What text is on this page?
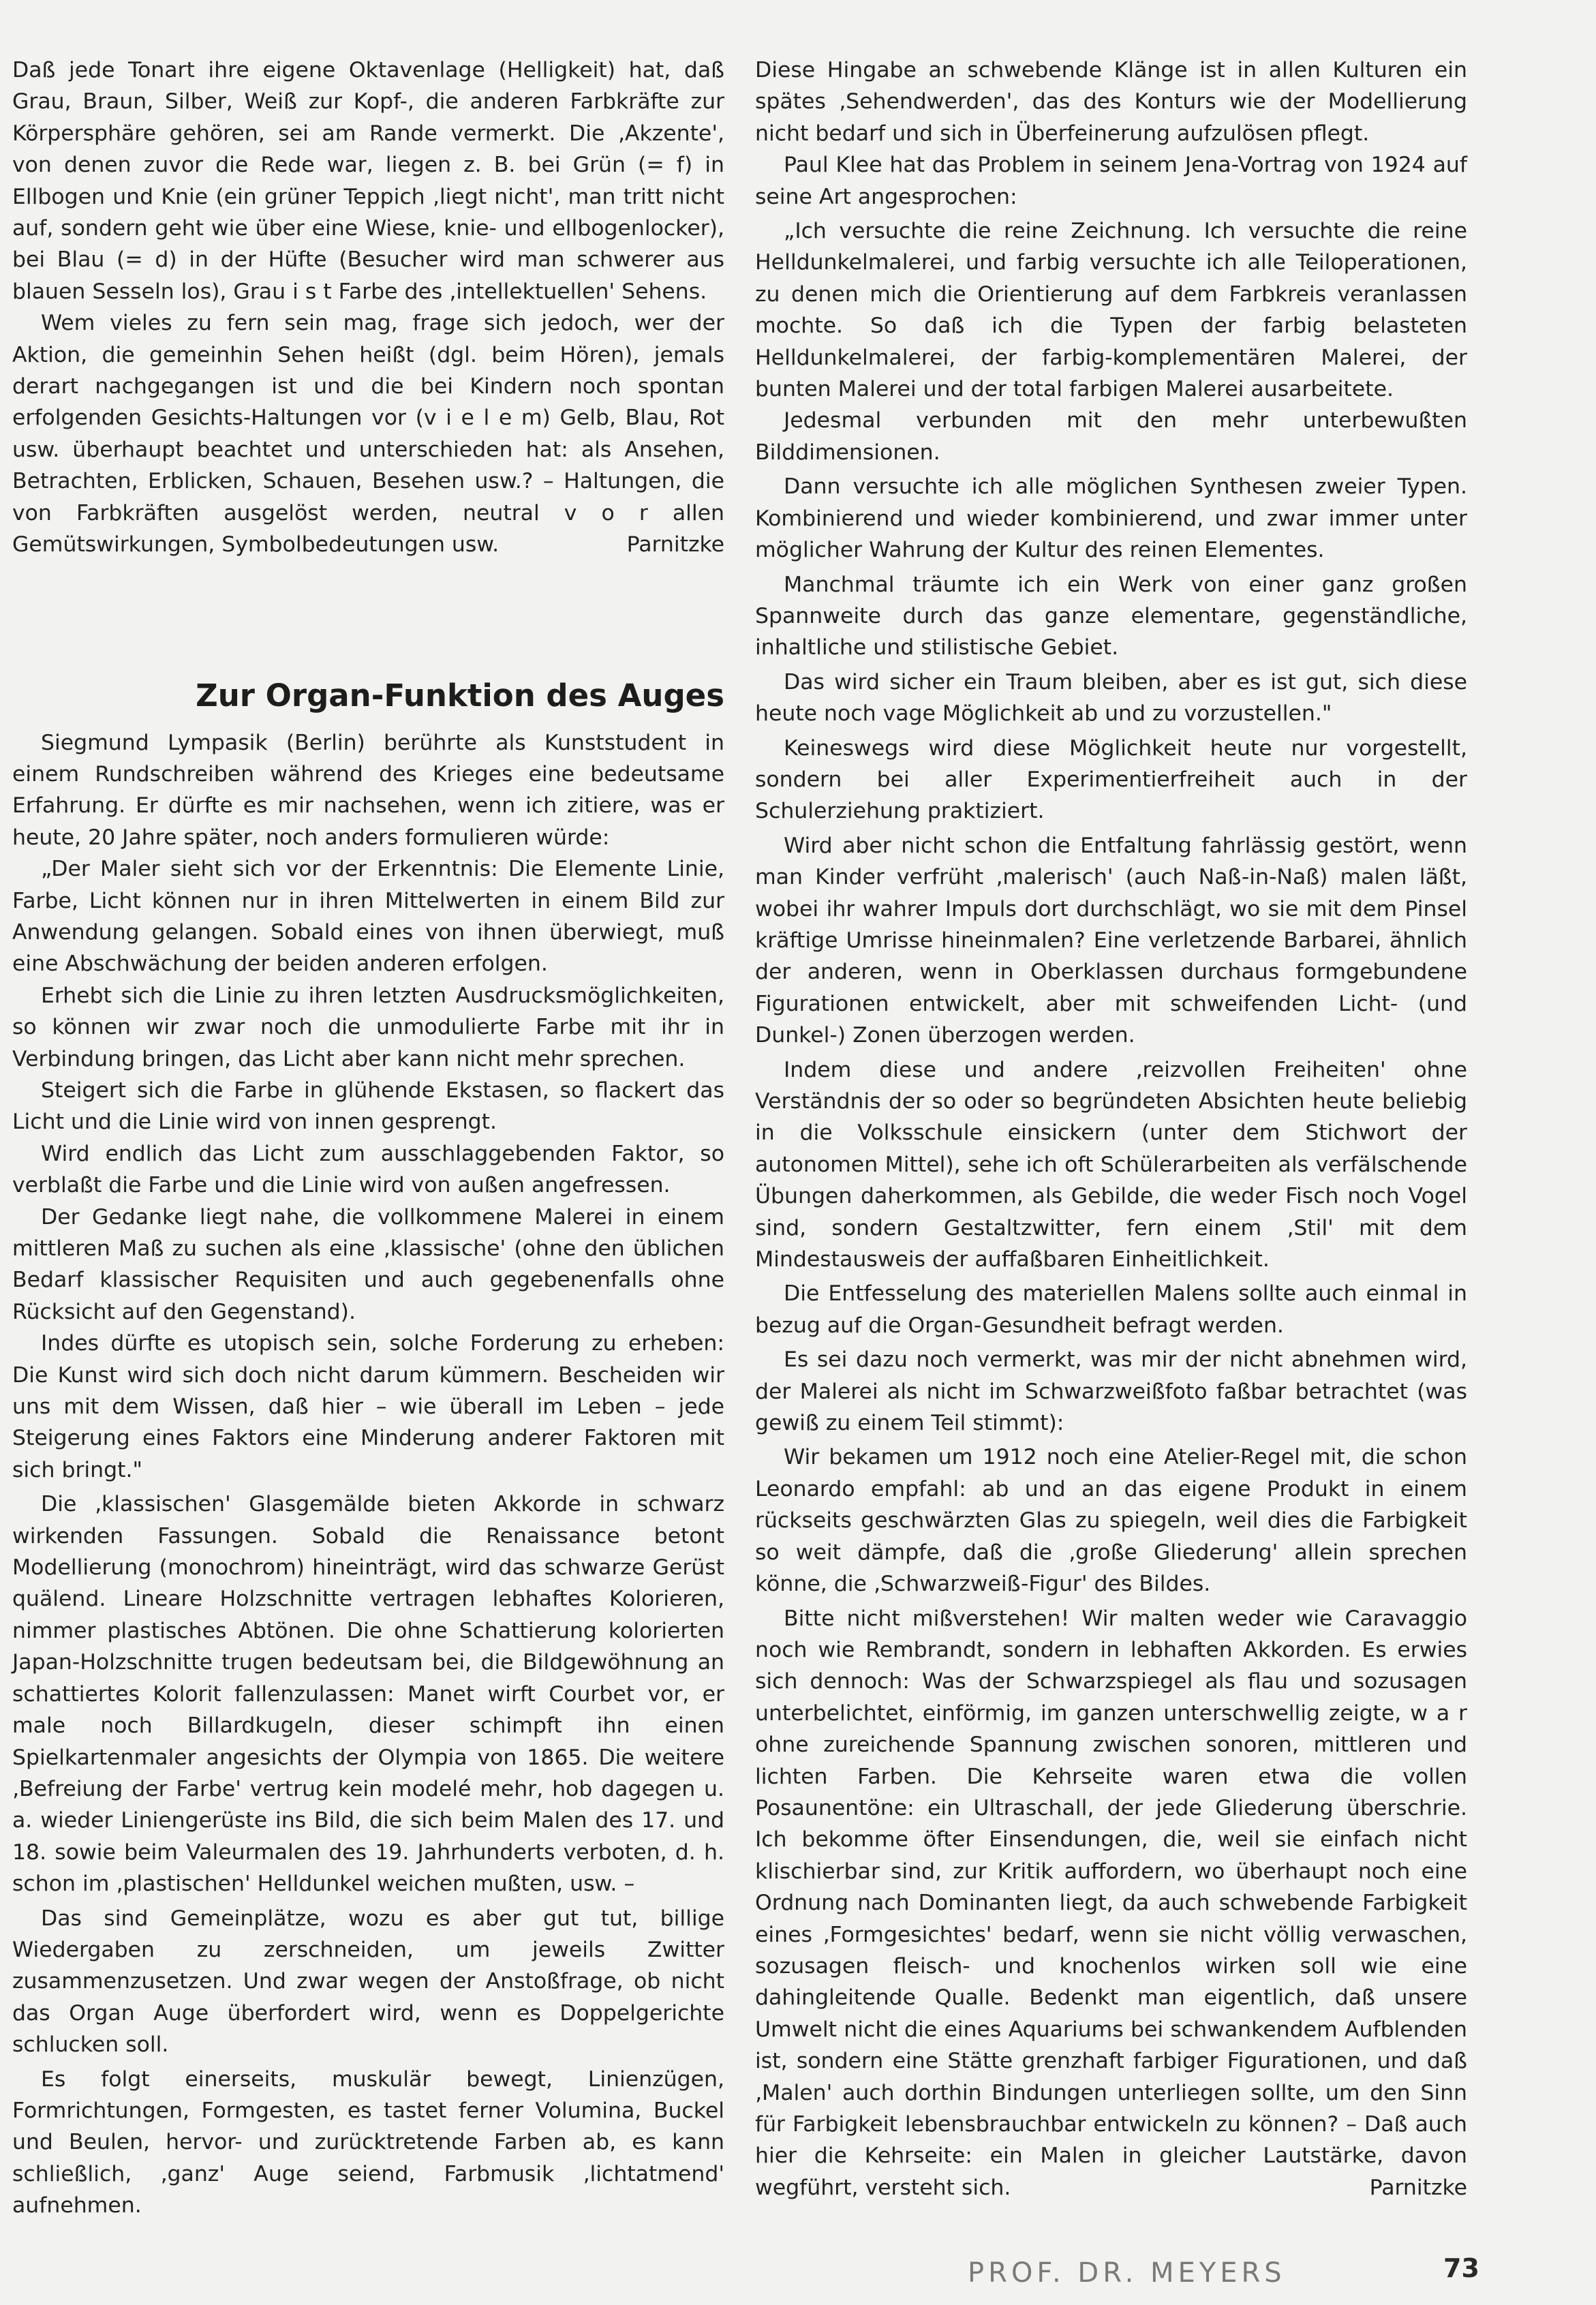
Daß jede Tonart ihre eigene Oktavenlage (Helligkeit) hat, daß Grau, Braun, Silber, Weiß zur Kopf-, die anderen Farbkräfte zur Körpersphäre gehören, sei am Rande vermerkt. Die ‚Akzente', von denen zuvor die Rede war, liegen z. B. bei Grün (= f) in Ellbogen und Knie (ein grüner Teppich ‚liegt nicht', man tritt nicht auf, sondern geht wie über eine Wiese, knie- und ellbogenlocker), bei Blau (= d) in der Hüfte (Besucher wird man schwerer aus blauen Sesseln los), Grau i s t Farbe des ‚intellektuellen' Sehens.

Wem vieles zu fern sein mag, frage sich jedoch, wer der Aktion, die gemeinhin Sehen heißt (dgl. beim Hören), jemals derart nachgegangen ist und die bei Kindern noch spontan erfolgenden Gesichts-Haltungen vor (v i e l e m) Gelb, Blau, Rot usw. überhaupt beachtet und unterschieden hat: als Ansehen, Betrachten, Erblicken, Schauen, Besehen usw.? – Haltungen, die von Farbkräften ausgelöst werden, neutral v o r allen Gemütswirkungen, Symbolbedeutungen usw.	Parnitzke

Zur Organ-Funktion des Auges

Siegmund Lympasik (Berlin) berührte als Kunststudent in einem Rundschreiben während des Krieges eine bedeutsame Erfahrung. Er dürfte es mir nachsehen, wenn ich zitiere, was er heute, 20 Jahre später, noch anders formulieren würde:

„Der Maler sieht sich vor der Erkenntnis: Die Elemente Linie, Farbe, Licht können nur in ihren Mittelwerten in einem Bild zur Anwendung gelangen. Sobald eines von ihnen überwiegt, muß eine Abschwächung der beiden anderen erfolgen.

Erhebt sich die Linie zu ihren letzten Ausdrucksmöglichkeiten, so können wir zwar noch die unmodulierte Farbe mit ihr in Verbindung bringen, das Licht aber kann nicht mehr sprechen.

Steigert sich die Farbe in glühende Ekstasen, so flackert das Licht und die Linie wird von innen gesprengt.

Wird endlich das Licht zum ausschlaggebenden Faktor, so verblaßt die Farbe und die Linie wird von außen angefressen.

Der Gedanke liegt nahe, die vollkommene Malerei in einem mittleren Maß zu suchen als eine ‚klassische' (ohne den üblichen Bedarf klassischer Requisiten und auch gegebenenfalls ohne Rücksicht auf den Gegenstand).

Indes dürfte es utopisch sein, solche Forderung zu erheben: Die Kunst wird sich doch nicht darum kümmern. Bescheiden wir uns mit dem Wissen, daß hier – wie überall im Leben – jede Steigerung eines Faktors eine Minderung anderer Faktoren mit sich bringt."

Die ‚klassischen' Glasgemälde bieten Akkorde in schwarz wirkenden Fassungen. Sobald die Renaissance betont Modellierung (monochrom) hineinträgt, wird das schwarze Gerüst quälend. Lineare Holzschnitte vertragen lebhaftes Kolorieren, nimmer plastisches Abtönen. Die ohne Schattierung kolorierten Japan-Holzschnitte trugen bedeutsam bei, die Bildgewöhnung an schattiertes Kolorit fallenzulassen: Manet wirft Courbet vor, er male noch Billardkugeln, dieser schimpft ihn einen Spielkartenmaler angesichts der Olympia von 1865. Die weitere ‚Befreiung der Farbe' vertrug kein modelé mehr, hob dagegen u. a. wieder Liniengerüste ins Bild, die sich beim Malen des 17. und 18. sowie beim Valeurmalen des 19. Jahrhunderts verboten, d. h. schon im ‚plastischen' Helldunkel weichen mußten, usw. –

Das sind Gemeinplätze, wozu es aber gut tut, billige Wiedergaben zu zerschneiden, um jeweils Zwitter zusammenzusetzen. Und zwar wegen der Anstoßfrage, ob nicht das Organ Auge überfordert wird, wenn es Doppelgerichte schlucken soll.

Es folgt einerseits, muskulär bewegt, Linienzügen, Formrichtungen, Formgesten, es tastet ferner Volumina, Buckel und Beulen, hervor- und zurücktretende Farben ab, es kann schließlich, ‚ganz' Auge seiend, Farbmusik ‚lichtatmend' aufnehmen.

Diese Hingabe an schwebende Klänge ist in allen Kulturen ein spätes ‚Sehendwerden', das des Konturs wie der Modellierung nicht bedarf und sich in Überfeinerung aufzulösen pflegt.

Paul Klee hat das Problem in seinem Jena-Vortrag von 1924 auf seine Art angesprochen:

„Ich versuchte die reine Zeichnung. Ich versuchte die reine Helldunkelmalerei, und farbig versuchte ich alle Teiloperationen, zu denen mich die Orientierung auf dem Farbkreis veranlassen mochte. So daß ich die Typen der farbig belasteten Helldunkelmalerei, der farbig-komplementären Malerei, der bunten Malerei und der total farbigen Malerei ausarbeitete.

Jedesmal verbunden mit den mehr unterbewußten Bilddimensionen.

Dann versuchte ich alle möglichen Synthesen zweier Typen. Kombinierend und wieder kombinierend, und zwar immer unter möglicher Wahrung der Kultur des reinen Elementes.

Manchmal träumte ich ein Werk von einer ganz großen Spannweite durch das ganze elementare, gegenständliche, inhaltliche und stilistische Gebiet.

Das wird sicher ein Traum bleiben, aber es ist gut, sich diese heute noch vage Möglichkeit ab und zu vorzustellen."

Keineswegs wird diese Möglichkeit heute nur vorgestellt, sondern bei aller Experimentierfreiheit auch in der Schulerziehung praktiziert.

Wird aber nicht schon die Entfaltung fahrlässig gestört, wenn man Kinder verfrüht ‚malerisch' (auch Naß-in-Naß) malen läßt, wobei ihr wahrer Impuls dort durchschlägt, wo sie mit dem Pinsel kräftige Umrisse hineinmalen? Eine verletzende Barbarei, ähnlich der anderen, wenn in Oberklassen durchaus formgebundene Figurationen entwickelt, aber mit schweifenden Licht- (und Dunkel-) Zonen überzogen werden.

Indem diese und andere ‚reizvollen Freiheiten' ohne Verständnis der so oder so begründeten Absichten heute beliebig in die Volksschule einsickern (unter dem Stichwort der autonomen Mittel), sehe ich oft Schülerarbeiten als verfälschende Übungen daherkommen, als Gebilde, die weder Fisch noch Vogel sind, sondern Gestaltzwitter, fern einem ‚Stil' mit dem Mindestausweis der auffaßbaren Einheitlichkeit.

Die Entfesselung des materiellen Malens sollte auch einmal in bezug auf die Organ-Gesundheit befragt werden.

Es sei dazu noch vermerkt, was mir der nicht abnehmen wird, der Malerei als nicht im Schwarzweißfoto faßbar betrachtet (was gewiß zu einem Teil stimmt):

Wir bekamen um 1912 noch eine Atelier-Regel mit, die schon Leonardo empfahl: ab und an das eigene Produkt in einem rückseits geschwärzten Glas zu spiegeln, weil dies die Farbigkeit so weit dämpfe, daß die ‚große Gliederung' allein sprechen könne, die ‚Schwarzweiß-Figur' des Bildes.

Bitte nicht mißverstehen! Wir malten weder wie Caravaggio noch wie Rembrandt, sondern in lebhaften Akkorden. Es erwies sich dennoch: Was der Schwarzspiegel als flau und sozusagen unterbelichtet, einförmig, im ganzen unterschwellig zeigte, w a r ohne zureichende Spannung zwischen sonoren, mittleren und lichten Farben. Die Kehrseite waren etwa die vollen Posaunentöne: ein Ultraschall, der jede Gliederung überschrie. Ich bekomme öfter Einsendungen, die, weil sie einfach nicht klischierbar sind, zur Kritik auffordern, wo überhaupt noch eine Ordnung nach Dominanten liegt, da auch schwebende Farbigkeit eines ‚Formgesichtes' bedarf, wenn sie nicht völlig verwaschen, sozusagen fleisch- und knochenlos wirken soll wie eine dahingleitende Qualle. Bedenkt man eigentlich, daß unsere Umwelt nicht die eines Aquariums bei schwankendem Aufblenden ist, sondern eine Stätte grenzhaft farbiger Figurationen, und daß ‚Malen' auch dorthin Bindungen unterliegen sollte, um den Sinn für Farbigkeit lebensbrauchbar entwickeln zu können? – Daß auch hier die Kehrseite: ein Malen in gleicher Lautstärke, davon wegführt, versteht sich.	Parnitzke

PROF. DR. MEYERS	73
